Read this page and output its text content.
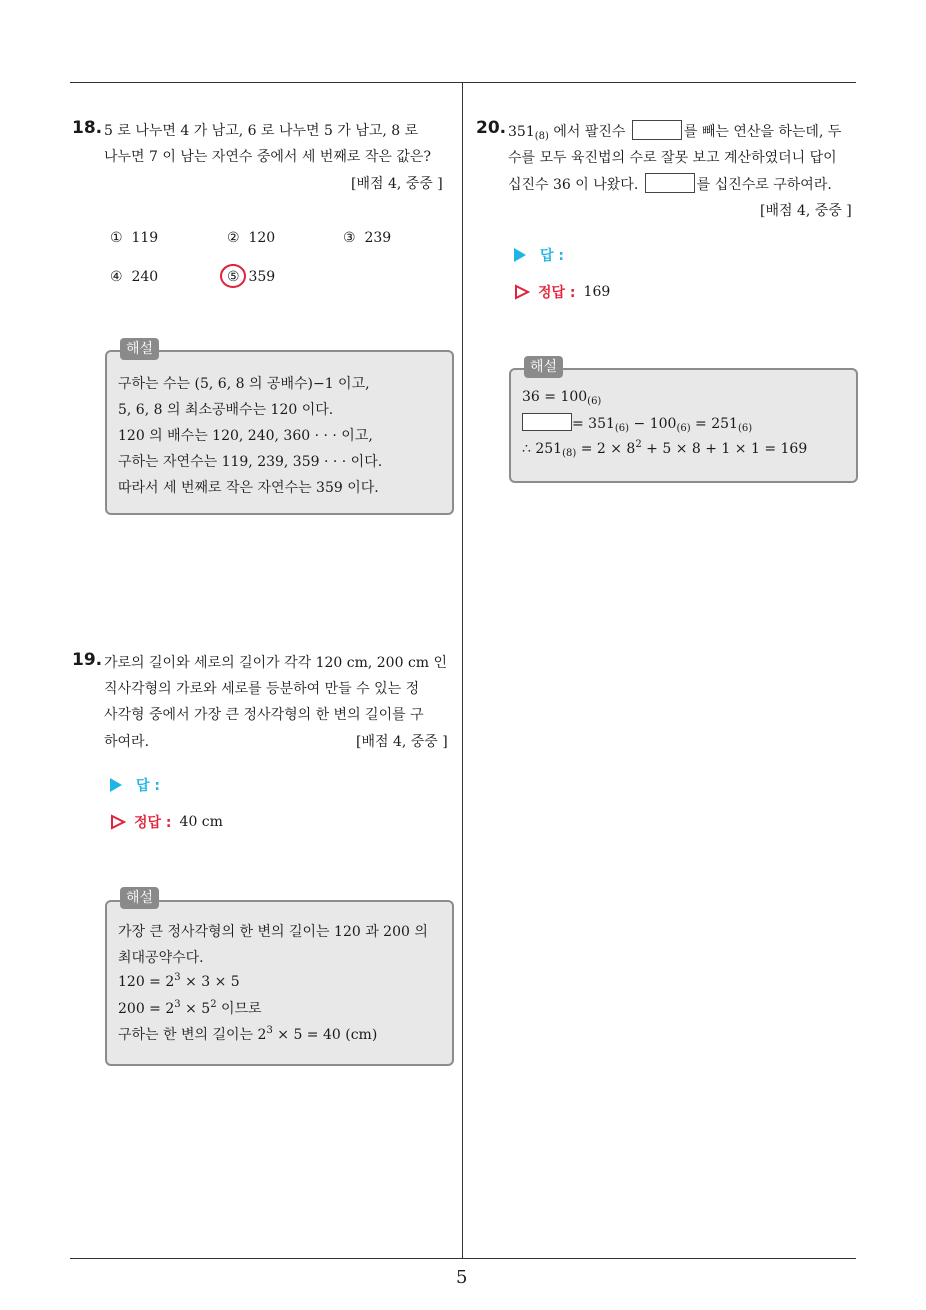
18. 5 로 나누면 4 가 남고, 6 로 나누면 5 가 남고, 8 로
나누면 7 이 남는 자연수 중에서 세 번째로 작은 값은?
[배점 4, 중중 ]
① 119	② 120	③ 239
④ 240	⑤ 359
해설
구하는 수는 (5, 6, 8 의 공배수)−1 이고,
5, 6, 8 의 최소공배수는 120 이다.
120 의 배수는 120, 240, 360 · · · 이고,
구하는 자연수는 119, 239, 359 · · · 이다.
따라서 세 번째로 작은 자연수는 359 이다.
19. 가로의 길이와 세로의 길이가 각각 120 cm, 200 cm 인
직사각형의 가로와 세로를 등분하여 만들 수 있는 정
사각형 중에서 가장 큰 정사각형의 한 변의 길이를 구
하여라.	[배점 4, 중중 ]
답 :
정답 : 40 cm
해설
가장 큰 정사각형의 한 변의 길이는 120 과 200 의
최대공약수다.
$120 = 2^3 \times 3 \times 5$
$200 = 2^3 \times 5^2$ 이므로
구하는 한 변의 길이는 $2^3 \times 5 = 40$ (cm)
20. $351_{(8)}$ 에서 팔진수	를 빼는 연산을 하는데, 두
수를 모두 육진법의 수로 잘못 보고 계산하였더니 답이
십진수 36 이 나왔다.	를 십진수로 구하여라.
[배점 4, 중중 ]
답 :
정답 : 169
해설
$36 = 100_{(6)}$
= $351_{(6)} - 100_{(6)} = 251_{(6)}$
∴ $251_{(8)} = 2 \times 8^2 + 5 \times 8 + 1 \times 1 = 169$
5
